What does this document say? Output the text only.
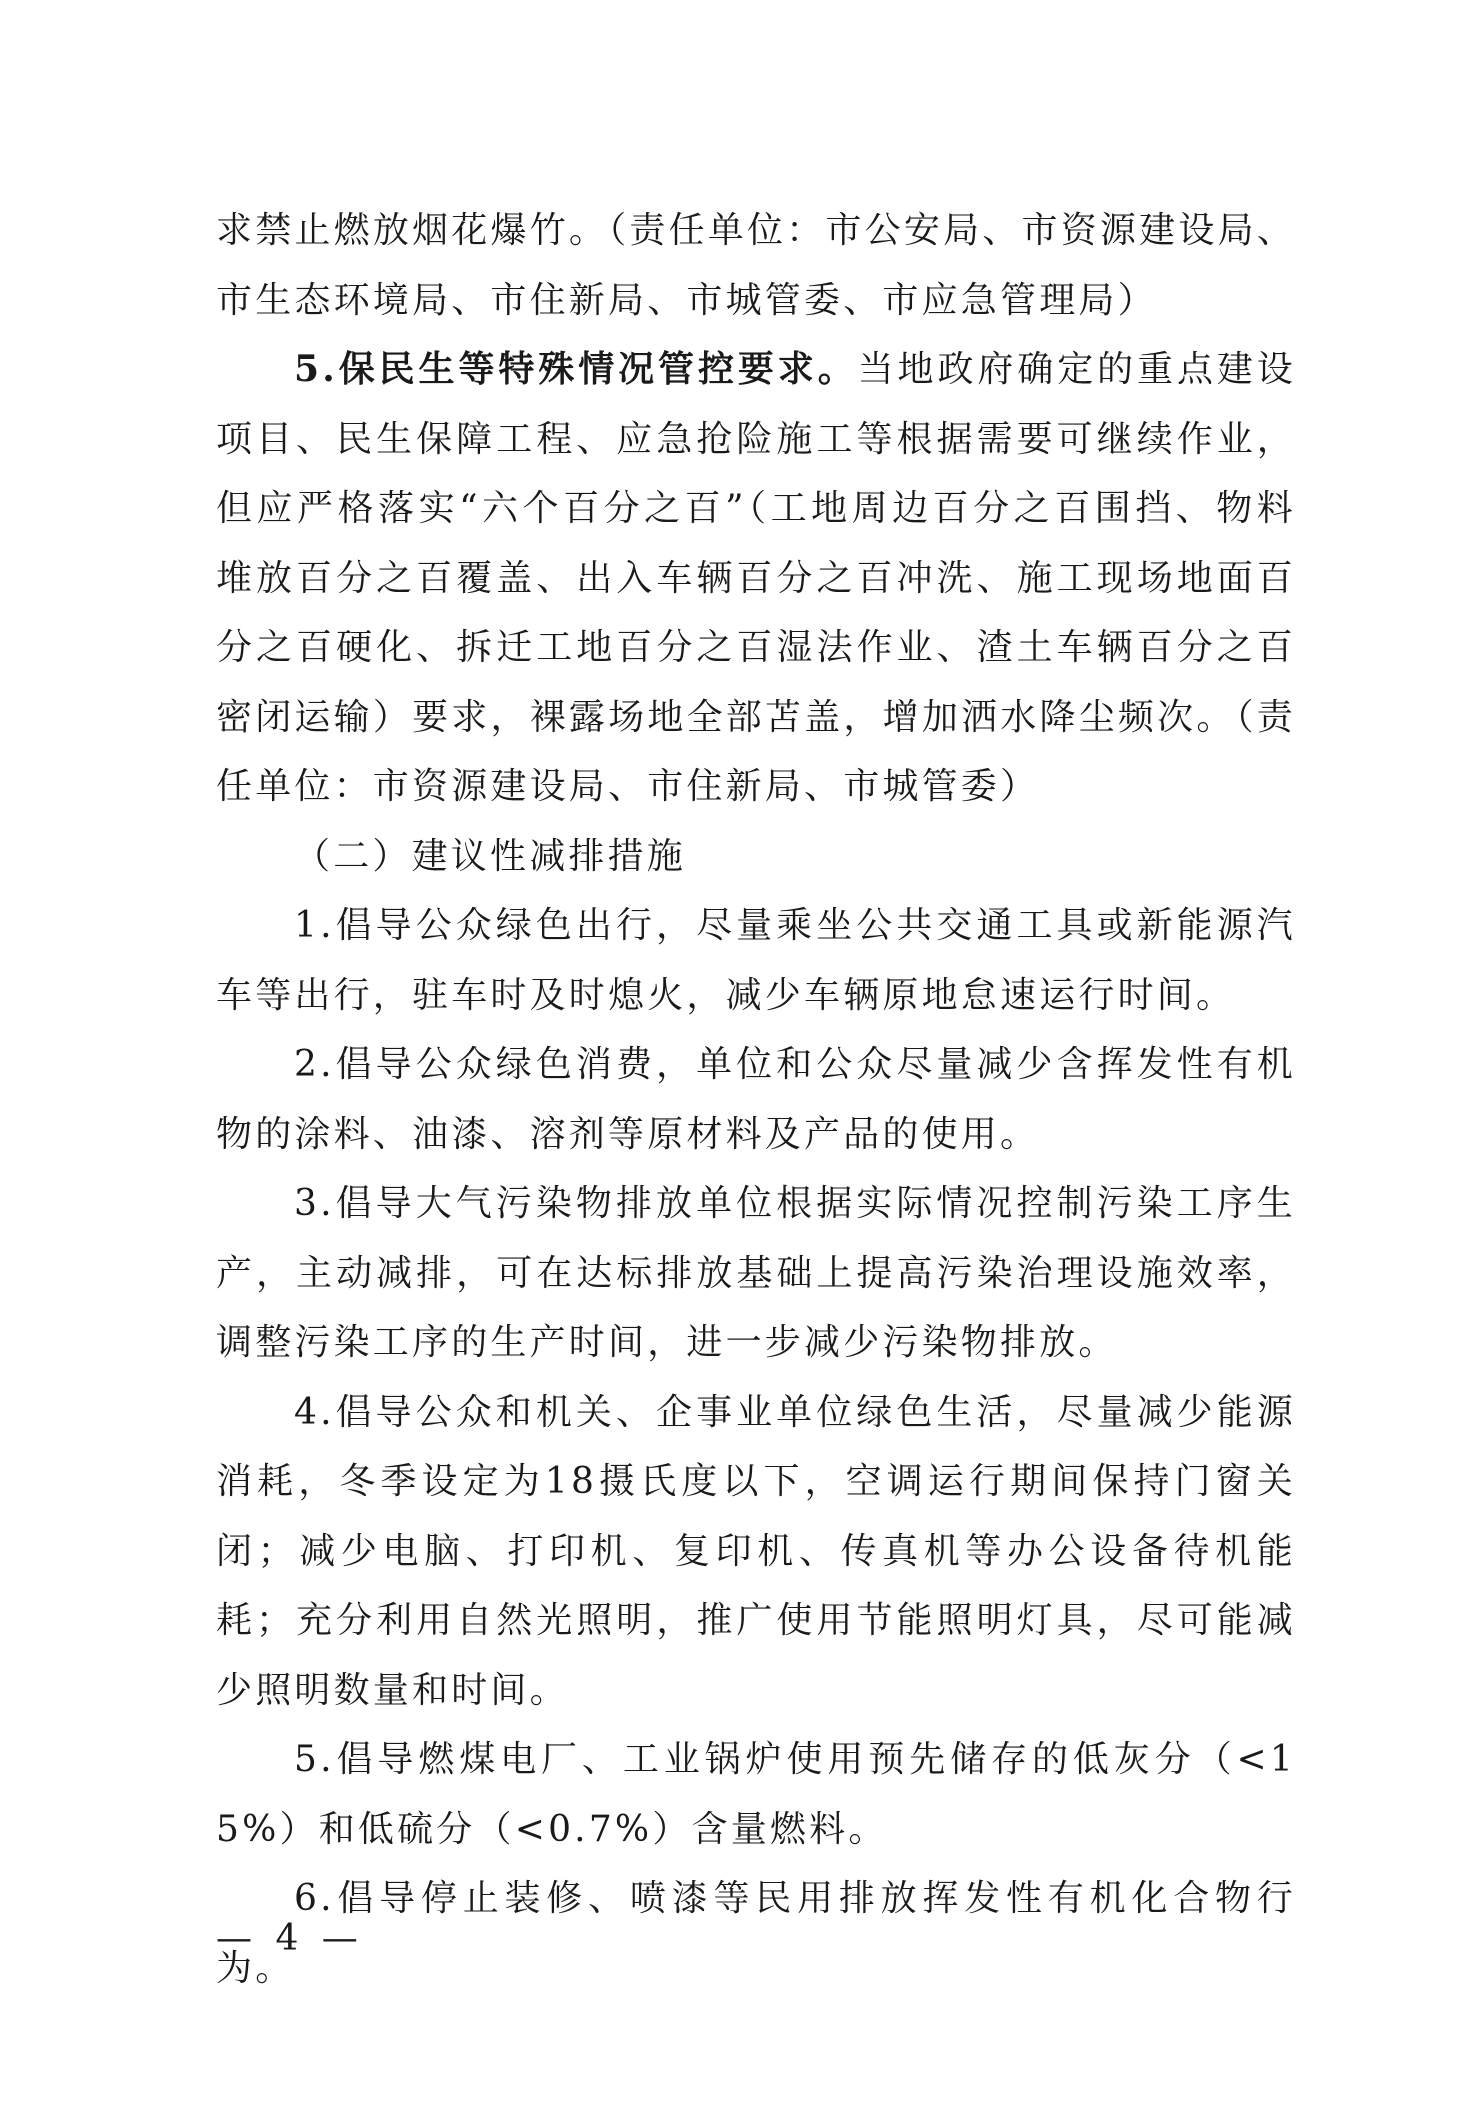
求禁止燃放烟花爆竹。（责任单位：市公安局、市资源建设局、市生态环境局、市住新局、市城管委、市应急管理局）

5.保民生等特殊情况管控要求。当地政府确定的重点建设项目、民生保障工程、应急抢险施工等根据需要可继续作业，但应严格落实“六个百分之百”（工地周边百分之百围挡、物料堆放百分之百覆盖、出入车辆百分之百冲洗、施工现场地面百分之百硬化、拆迁工地百分之百湿法作业、渣土车辆百分之百密闭运输）要求，裸露场地全部苫盖，增加洒水降尘频次。（责任单位：市资源建设局、市住新局、市城管委）

（二）建议性减排措施

1.倡导公众绿色出行，尽量乘坐公共交通工具或新能源汽车等出行，驻车时及时熄火，减少车辆原地怠速运行时间。

2.倡导公众绿色消费，单位和公众尽量减少含挥发性有机物的涂料、油漆、溶剂等原材料及产品的使用。

3.倡导大气污染物排放单位根据实际情况控制污染工序生产，主动减排，可在达标排放基础上提高污染治理设施效率，调整污染工序的生产时间，进一步减少污染物排放。

4.倡导公众和机关、企事业单位绿色生活，尽量减少能源消耗，冬季设定为18摄氏度以下，空调运行期间保持门窗关闭；减少电脑、打印机、复印机、传真机等办公设备待机能耗；充分利用自然光照明，推广使用节能照明灯具，尽可能减少照明数量和时间。

5.倡导燃煤电厂、工业锅炉使用预先储存的低灰分（<15%）和低硫分（<0.7%）含量燃料。

6.倡导停止装修、喷漆等民用排放挥发性有机化合物行为。

— 4 —
